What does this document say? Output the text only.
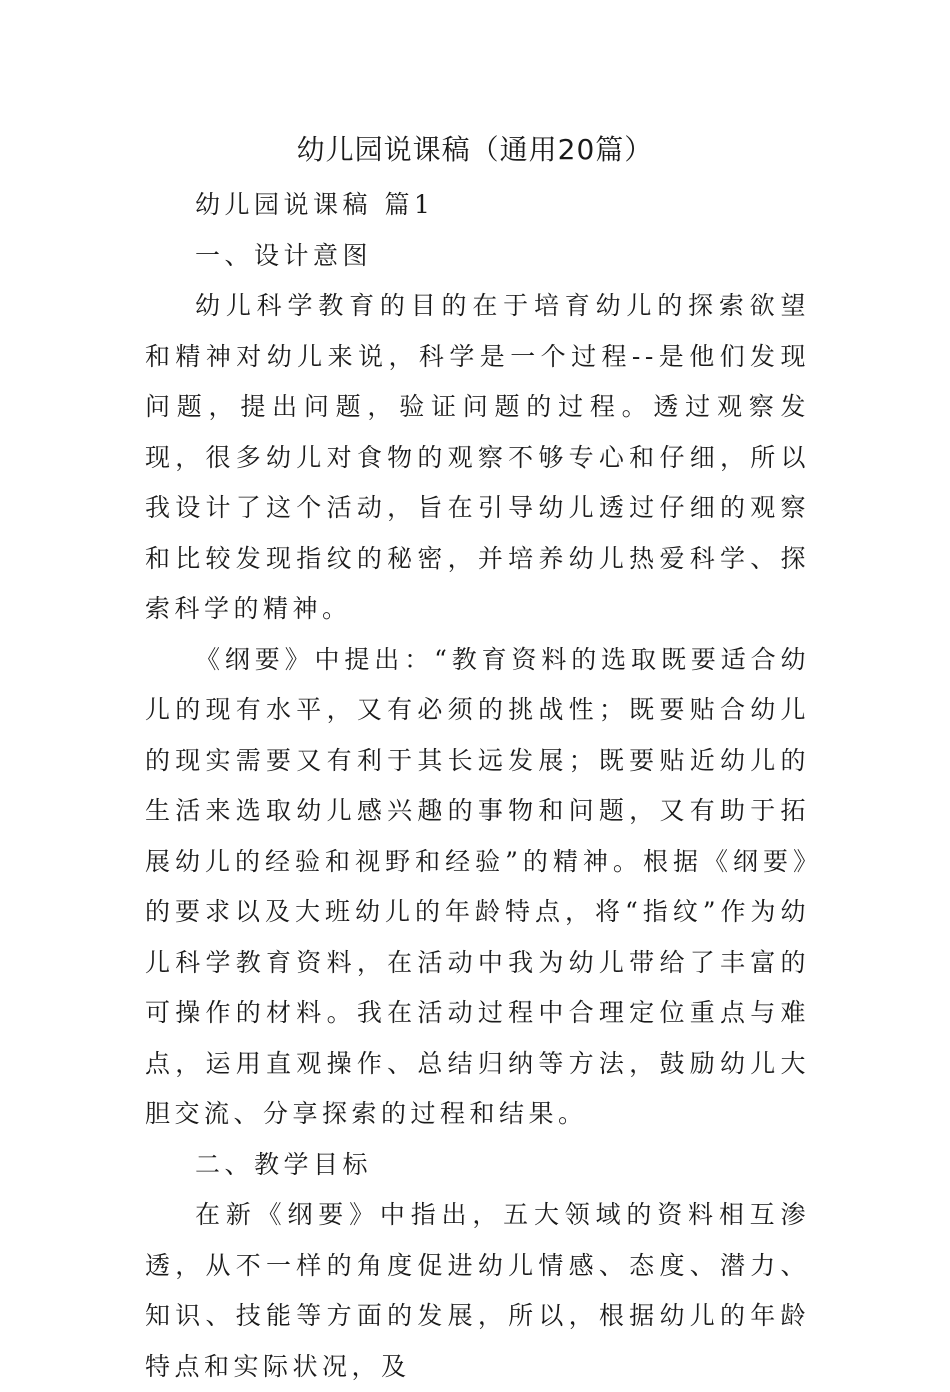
幼儿园说课稿（通用20篇）

幼儿园说课稿 篇1

一、设计意图

幼儿科学教育的目的在于培育幼儿的探索欲望和精神对幼儿来说，科学是一个过程--是他们发现问题，提出问题，验证问题的过程。透过观察发现，很多幼儿对食物的观察不够专心和仔细，所以我设计了这个活动，旨在引导幼儿透过仔细的观察和比较发现指纹的秘密，并培养幼儿热爱科学、探索科学的精神。

《纲要》中提出：“教育资料的选取既要适合幼儿的现有水平，又有必须的挑战性；既要贴合幼儿的现实需要又有利于其长远发展；既要贴近幼儿的生活来选取幼儿感兴趣的事物和问题，又有助于拓展幼儿的经验和视野和经验”的精神。根据《纲要》的要求以及大班幼儿的年龄特点，将“指纹”作为幼儿科学教育资料，在活动中我为幼儿带给了丰富的可操作的材料。我在活动过程中合理定位重点与难点，运用直观操作、总结归纳等方法，鼓励幼儿大胆交流、分享探索的过程和结果。

二、教学目标

在新《纲要》中指出，五大领域的资料相互渗透，从不一样的角度促进幼儿情感、态度、潜力、知识、技能等方面的发展，所以，根据幼儿的年龄特点和实际状况，及
